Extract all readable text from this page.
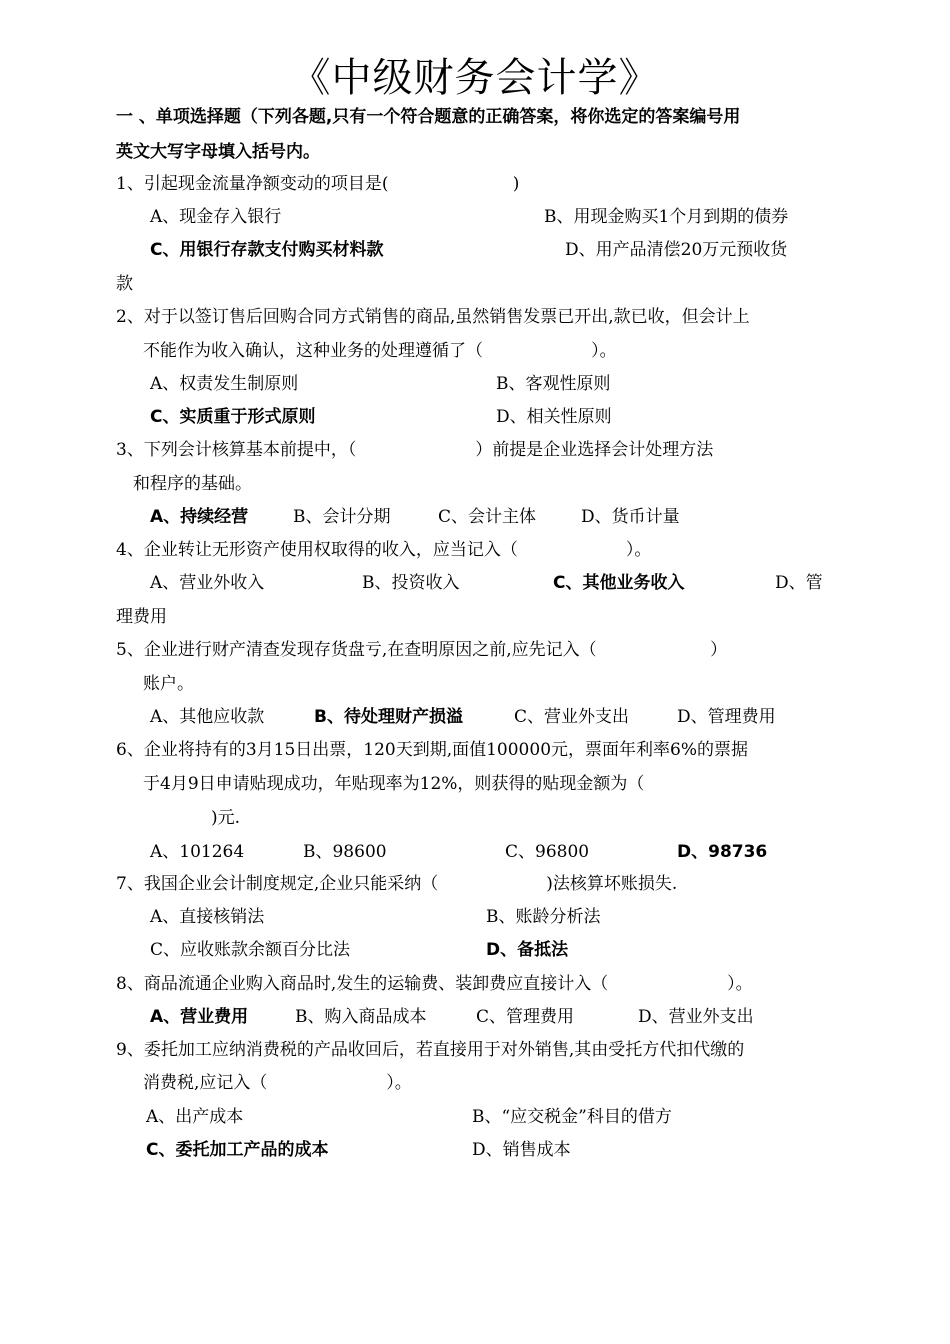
《中级财务会计学》
一 、单项选择题（下列各题,只有一个符合题意的正确答案，将你选定的答案编号用
英文大写字母填入括号内。
1、引起现金流量净额变动的项目是(                       )
A、现金存入银行	B、用现金购买1个月到期的债券
C、用银行存款支付购买材料款	D、用产品清偿20万元预收货
款
2、对于以签订售后回购合同方式销售的商品,虽然销售发票已开出,款已收，但会计上
不能作为收入确认，这种业务的处理遵循了（                    ）。
A、权责发生制原则	B、客观性原则
C、实质重于形式原则	D、相关性原则
3、下列会计核算基本前提中，（                      ）前提是企业选择会计处理方法
和程序的基础。
A、持续经营	B、会计分期	C、会计主体	D、货币计量
4、企业转让无形资产使用权取得的收入，应当记入（                    ）。
A、营业外收入	B、投资收入	C、其他业务收入	D、管
理费用
5、企业进行财产清查发现存货盘亏,在查明原因之前,应先记入（                     ）
账户。
A、其他应收款	B、待处理财产损溢	C、营业外支出	D、管理费用
6、企业将持有的3月15日出票，120天到期,面值100000元，票面年利率6%的票据
于4月9日申请贴现成功，年贴现率为12%，则获得的贴现金额为（
)元.
A、101264	B、98600	C、96800	D、98736
7、我国企业会计制度规定,企业只能采纳（                    )法核算坏账损失.
A、直接核销法	B、账龄分析法
C、应收账款余额百分比法	D、备抵法
8、商品流通企业购入商品时,发生的运输费、装卸费应直接计入（                      ）。
A、营业费用	B、购入商品成本	C、管理费用	D、营业外支出
9、委托加工应纳消费税的产品收回后，若直接用于对外销售,其由受托方代扣代缴的
消费税,应记入（                      ）。
A、出产成本	B、“应交税金”科目的借方
C、委托加工产品的成本	D、销售成本
